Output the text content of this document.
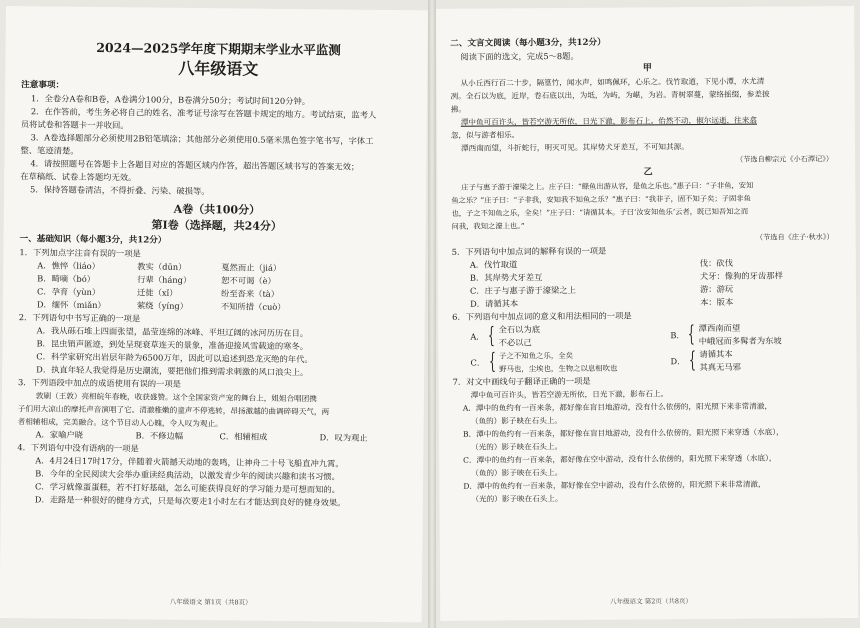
2024—2025学年度下期期末学业水平监测
八年级语文
注意事项：
1．全卷分A卷和B卷，A卷满分100分，B卷满分50分；考试时间120分钟。
2．在作答前，考生务必将自己的姓名、准考证号涂写在答题卡规定的地方。考试结束，监考人
员将试卷和答题卡一并收回。
3．A卷选择题部分必须使用2B铅笔填涂；其他部分必须使用0.5毫米黑色签字笔书写，字体工
整、笔迹清楚。
4．请按照题号在答题卡上各题目对应的答题区域内作答，超出答题区域书写的答案无效；
在草稿纸、试卷上答题均无效。
5．保持答题卷清洁，不得折叠、污染、破损等。
A卷（共100分）
第Ⅰ卷（选择题，共24分）
一、基础知识（每小题3分，共12分）
1．下列加点字注音有误的一项是
A．憔悴（liáo）	教实（dūn）	戛然而止（jiá）
B．畸嘀（bó）	行辈（háng）	恕不可谒（è）
C．孕育（yùn）	迁徙（xǐ）	纷至沓来（tà）
D．缅怀（miǎn）	萦绕（yíng）	不知所措（cuò）
2．下列语句中书写正确的一项是
A．我从砾石堆上四面张望，晶莹连绵的冰峰、平坦辽阔的冰河历历在目。
B．昆虫销声匿迹，到处呈现衰草连天的景象，准备迎接风雪载途的寒冬。
C．科学家研究出岩层年龄为6500万年，因此可以追述到恐龙灭绝的年代。
D．执直年轻人我觉得是历史潮流，要把他们推到需求刺激的风口浪尖上。
3．下列语段中加点的成语使用有误的一项是
敦刷（王敦）亮相皖年春晚，收获盛赞。这个全国家资产宠的舞台上，姐姐合唱团携
子们用大凉山的摩托声音演唱了它。清澈稚嫩的童声不停逃转，昂扬激越的曲调碎碍天气，两
者相辅相成，完美融合。这个节目动人心魄，令人叹为观止。
A．家喻户晓	B．不修边幅	C．相辅相成	D．叹为观止
4．下列语句中没有语病的一项是
A．4月24日17时17分，伴随着火箭撼天动地的轰鸣，让神舟二十号飞船直冲九霄。
B．今年的全民阅读大会举办重读经典活动，以激发青少年的阅读兴趣和读书习惯。
C．学习就像蛋蛋糕，若不打好基础，怎么可能获得良好的学习能力是可想而知的。
D．走路是一种很好的健身方式，只是每次要走1小时左右才能达到良好的健身效果。
八年级语文 第1页（共8页）
二、文言文阅读（每小题3分，共12分）
阅读下面的选文，完成5～8题。
甲
从小丘西行百二十步，隔篁竹，闻水声，如鸣佩环，心乐之。伐竹取道，下见小潭，水尤清
冽。全石以为底，近岸，卷石底以出，为坻，为屿，为嵁，为岩。青树翠蔓，蒙络摇缀，参差披
拂。
潭中鱼可百许头，皆若空游无所依，日光下澈，影布石上。佁然不动，俶尔远逝，往来翕
忽，似与游者相乐。
潭西南而望，斗折蛇行，明灭可见。其岸势犬牙差互，不可知其源。
（节选自柳宗元《小石潭记》）
乙
庄子与惠子游于濠梁之上。庄子曰：“鲦鱼出游从容，是鱼之乐也。”惠子曰：“子非鱼，安知
鱼之乐？”庄子曰：“子非我，安知我不知鱼之乐？”惠子曰：“我非子，固不知子矣；子固非鱼
也，子之不知鱼之乐，全矣！”庄子曰：“请循其本。子曰‘汝安知鱼乐’云者，既已知吾知之而
问我，我知之濠上也。”
（节选自《庄子·秋水》）
5．下列语句中加点词的解释有误的一项是
A．伐竹取道	伐：砍伐
B．其岸势犬牙差互	犬牙：像狗的牙齿那样
C．庄子与惠子游于濠梁之上	游：游玩
D．请循其本	本：版本
6．下列语句中加点词的意义和用法相同的一项是
A． { 全石以为底
不必以己
B． { 潭西南而望
中峨冠而多髯者为东坡
C． { 子之不知鱼之乐，全矣
野马也，尘埃也，生物之以息相吹也
D． { 请循其本
其真无马邪
7．对文中画线句子翻译正确的一项是
潭中鱼可百许头，皆若空游无所依，日光下澈，影布石上。
A．潭中的鱼约有一百来条，都好像在盲目地游动，没有什么依傍的，阳光照下来非常清澈，
（鱼的）影子映在石头上。
B．潭中的鱼约有一百来条，都好像在盲目地游动，没有什么依傍的，阳光照下来穿透（水底），
（光的）影子映在石头上。
C．潭中的鱼约有一百来条，都好像在空中游动，没有什么依傍的，阳光照下来穿透（水底），
（鱼的）影子映在石头上。
D．潭中的鱼约有一百来条，都好像在空中游动，没有什么依傍的，阳光照下来非常清澈，
（光的）影子映在石头上。
八年级语文 第2页（共8页）
